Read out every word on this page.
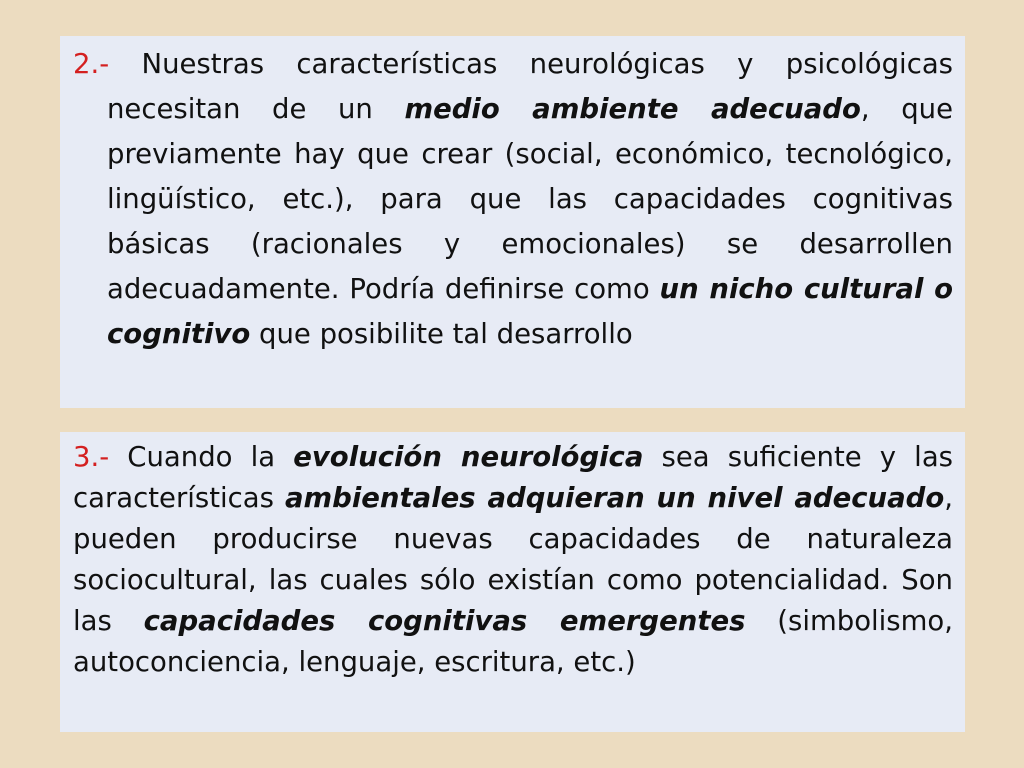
2.- Nuestras características neurológicas y psicológicas necesitan de un medio ambiente adecuado, que previamente hay que crear (social, económico, tecnológico, lingüístico, etc.), para que las capacidades cognitivas básicas (racionales y emocionales) se desarrollen adecuadamente. Podría definirse como un nicho cultural o cognitivo que posibilite tal desarrollo

3.- Cuando la evolución neurológica sea suficiente y las características ambientales adquieran un nivel adecuado, pueden producirse nuevas capacidades de naturaleza sociocultural, las cuales sólo existían como potencialidad. Son las capacidades cognitivas emergentes (simbolismo, autoconciencia, lenguaje, escritura, etc.)
